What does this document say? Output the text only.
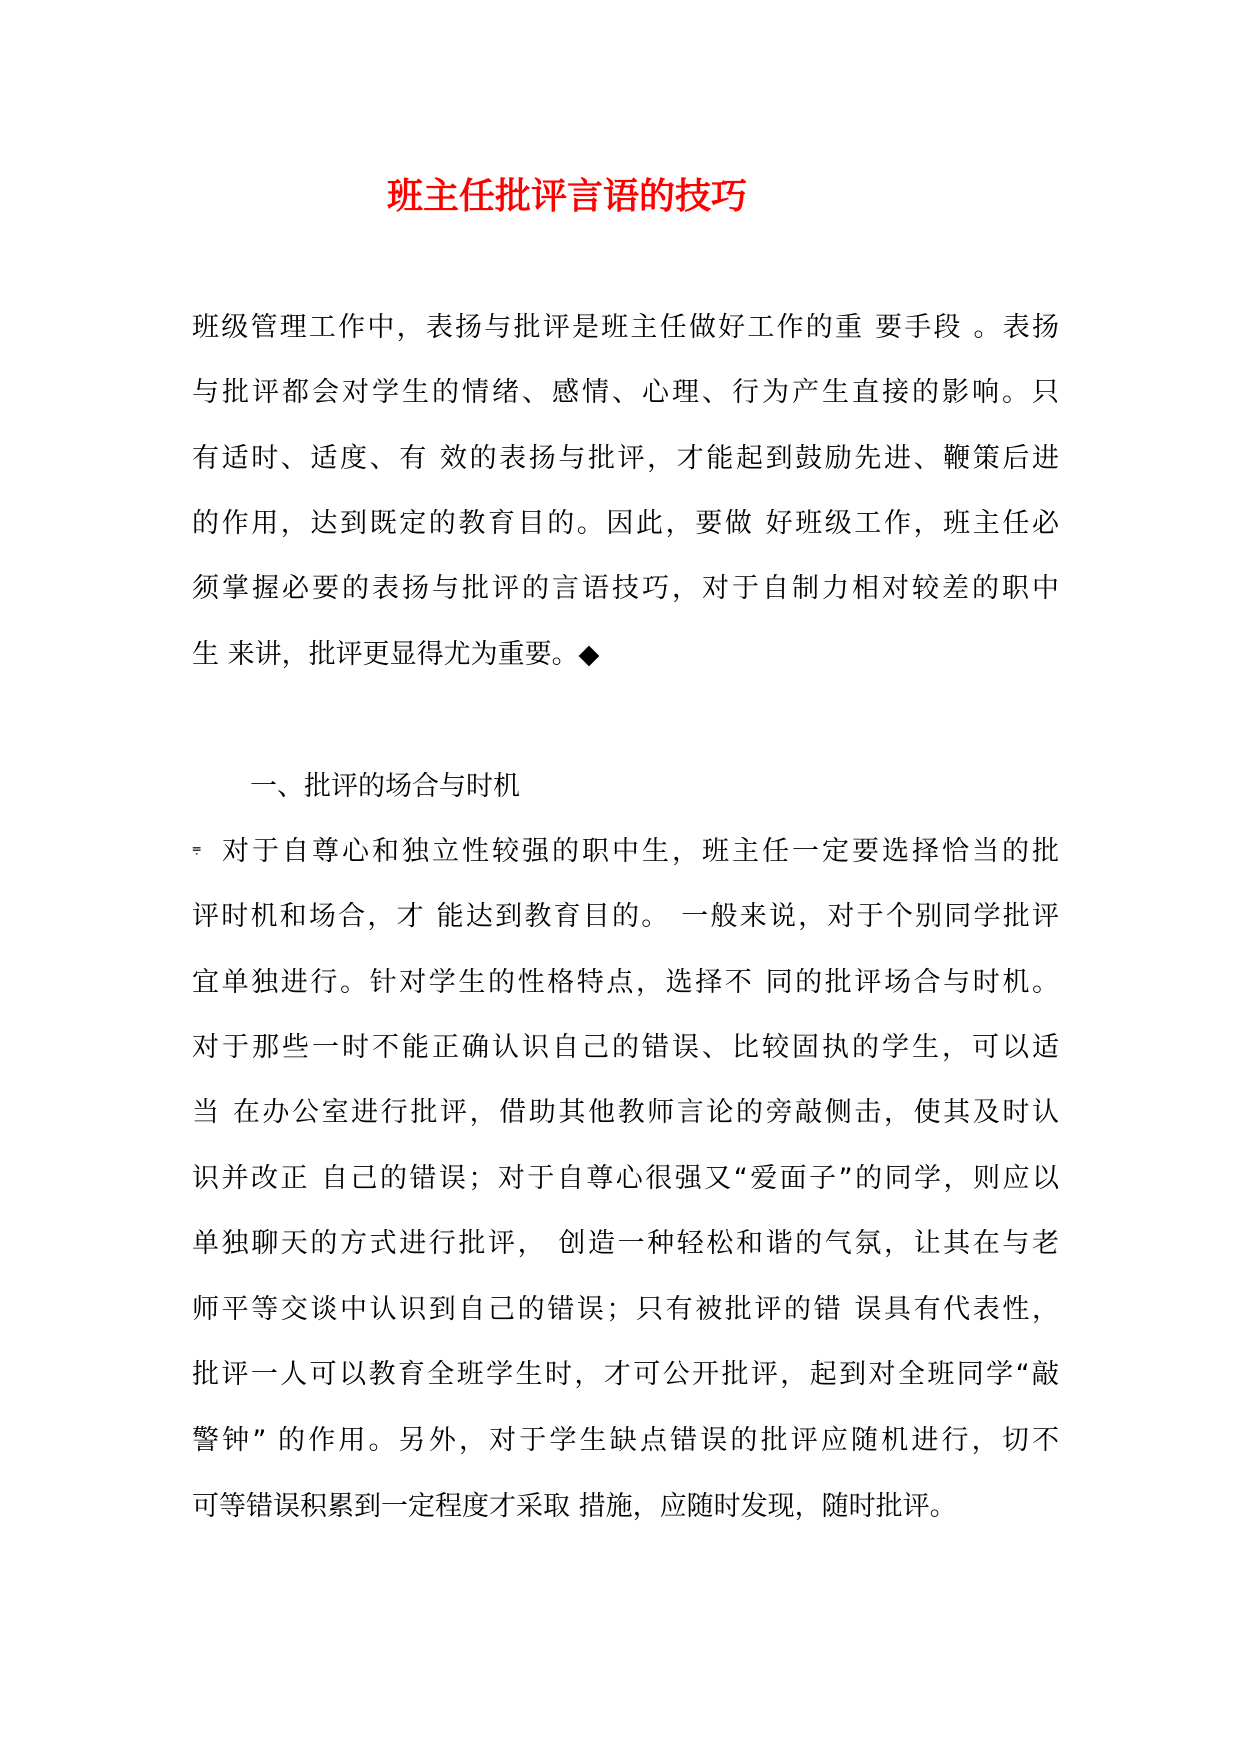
班主任批评言语的技巧
班级管理工作中，表扬与批评是班主任做好工作的重 要手段 。表扬
与批评都会对学生的情绪、感情、心理、行为产生直接的影响。只
有适时、适度、有 效的表扬与批评，才能起到鼓励先进、鞭策后进
的作用，达到既定的教育目的。因此，要做 好班级工作，班主任必
须掌握必要的表扬与批评的言语技巧，对于自制力相对较差的职中
生 来讲，批评更显得尤为重要。◆
一、批评的场合与时机
⩦ 对于自尊心和独立性较强的职中生，班主任一定要选择恰当的批
评时机和场合，才 能达到教育目的。 一般来说，对于个别同学批评
宜单独进行。针对学生的性格特点，选择不 同的批评场合与时机。
对于那些一时不能正确认识自己的错误、比较固执的学生，可以适
当 在办公室进行批评，借助其他教师言论的旁敲侧击，使其及时认
识并改正 自己的错误；对于自尊心很强又“爱面子”的同学，则应以
单独聊天的方式进行批评， 创造一种轻松和谐的气氛，让其在与老
师平等交谈中认识到自己的错误；只有被批评的错 误具有代表性，
批评一人可以教育全班学生时，才可公开批评，起到对全班同学“敲
警钟” 的作用。另外，对于学生缺点错误的批评应随机进行，切不
可等错误积累到一定程度才采取 措施，应随时发现，随时批评。
